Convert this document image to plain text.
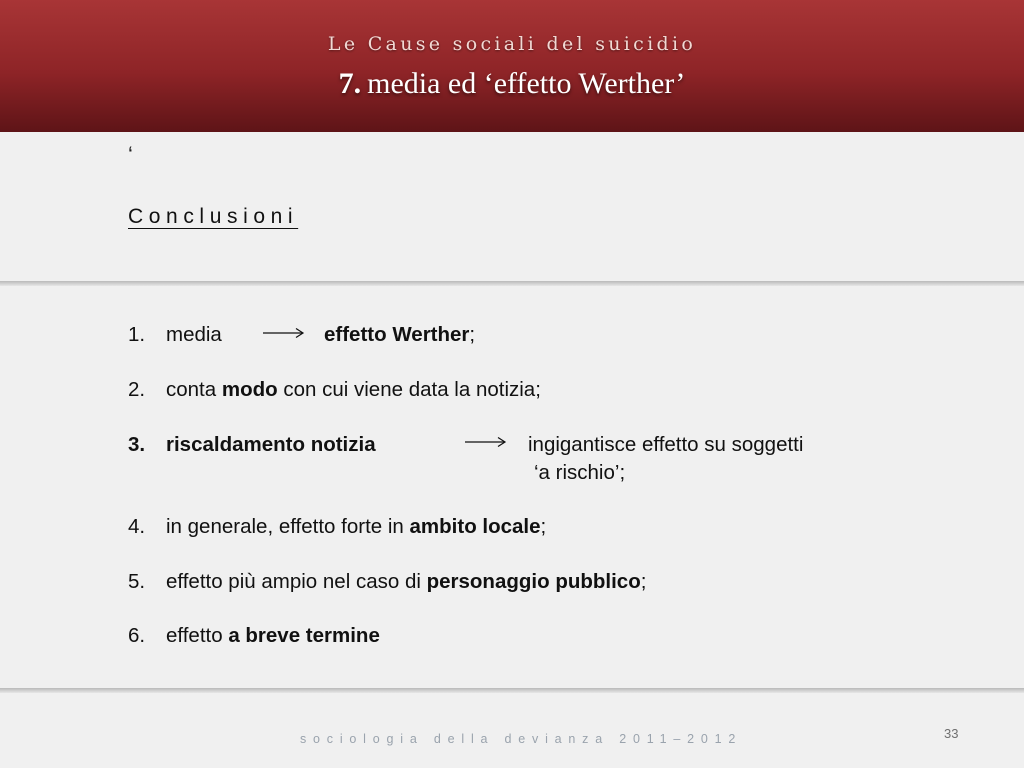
Le Cause sociali del suicidio
7. media ed ‘effetto Werther’
‘
Conclusioni
1. media	effetto Werther;
2. conta modo con cui viene data la notizia;
3. riscaldamento notizia	ingigantisce effetto su soggetti
‘a rischio’;
4. in generale, effetto forte in ambito locale;
5. effetto più ampio nel caso di personaggio pubblico;
6. effetto a breve termine
sociologia della devianza 2011–2012	33
